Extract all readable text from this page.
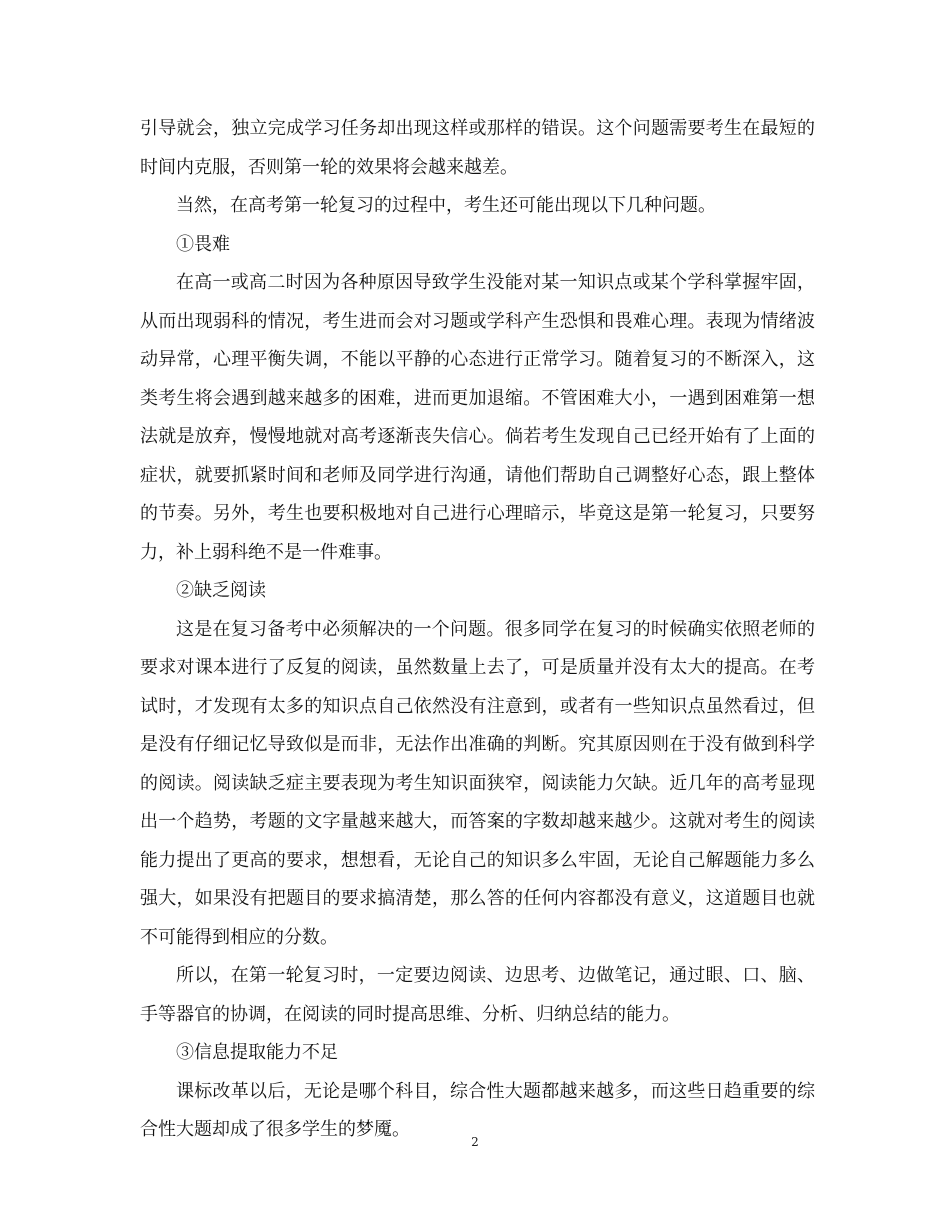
引导就会，独立完成学习任务却出现这样或那样的错误。这个问题需要考生在最短的时间内克服，否则第一轮的效果将会越来越差。

当然，在高考第一轮复习的过程中，考生还可能出现以下几种问题。

①畏难

在高一或高二时因为各种原因导致学生没能对某一知识点或某个学科掌握牢固，从而出现弱科的情况，考生进而会对习题或学科产生恐惧和畏难心理。表现为情绪波动异常，心理平衡失调，不能以平静的心态进行正常学习。随着复习的不断深入，这类考生将会遇到越来越多的困难，进而更加退缩。不管困难大小，一遇到困难第一想法就是放弃，慢慢地就对高考逐渐丧失信心。倘若考生发现自己已经开始有了上面的症状，就要抓紧时间和老师及同学进行沟通，请他们帮助自己调整好心态，跟上整体的节奏。另外，考生也要积极地对自己进行心理暗示，毕竟这是第一轮复习，只要努力，补上弱科绝不是一件难事。

②缺乏阅读

这是在复习备考中必须解决的一个问题。很多同学在复习的时候确实依照老师的要求对课本进行了反复的阅读，虽然数量上去了，可是质量并没有太大的提高。在考试时，才发现有太多的知识点自己依然没有注意到，或者有一些知识点虽然看过，但是没有仔细记忆导致似是而非，无法作出准确的判断。究其原因则在于没有做到科学的阅读。阅读缺乏症主要表现为考生知识面狭窄，阅读能力欠缺。近几年的高考显现出一个趋势，考题的文字量越来越大，而答案的字数却越来越少。这就对考生的阅读能力提出了更高的要求，想想看，无论自己的知识多么牢固，无论自己解题能力多么强大，如果没有把题目的要求搞清楚，那么答的任何内容都没有意义，这道题目也就不可能得到相应的分数。

所以，在第一轮复习时，一定要边阅读、边思考、边做笔记，通过眼、口、脑、手等器官的协调，在阅读的同时提高思维、分析、归纳总结的能力。

③信息提取能力不足

课标改革以后，无论是哪个科目，综合性大题都越来越多，而这些日趋重要的综合性大题却成了很多学生的梦魇。

2
